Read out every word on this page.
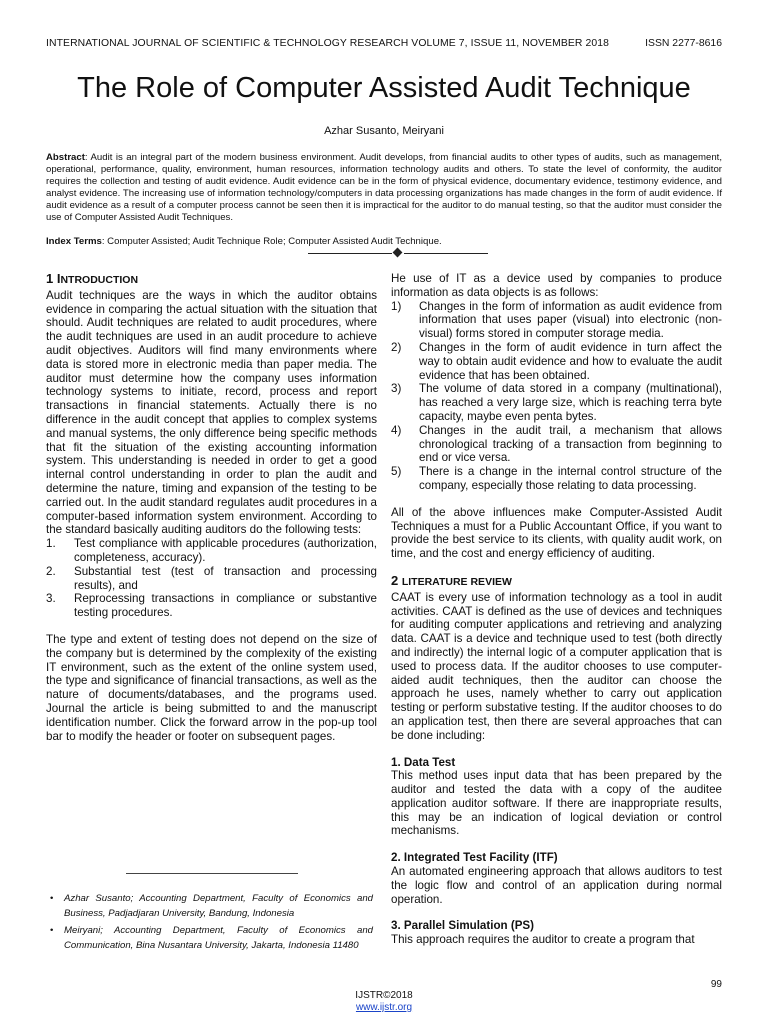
INTERNATIONAL JOURNAL OF SCIENTIFIC & TECHNOLOGY RESEARCH VOLUME 7, ISSUE 11, NOVEMBER 2018	ISSN 2277-8616
The Role of Computer Assisted Audit Technique
Azhar Susanto, Meiryani
Abstract: Audit is an integral part of the modern business environment. Audit develops, from financial audits to other types of audits, such as management, operational, performance, quality, environment, human resources, information technology audits and others. To state the level of conformity, the auditor requires the collection and testing of audit evidence. Audit evidence can be in the form of physical evidence, documentary evidence, testimony evidence, and analyst evidence. The increasing use of information technology/computers in data processing organizations has made changes in the form of audit evidence. If audit evidence as a result of a computer process cannot be seen then it is impractical for the auditor to do manual testing, so that the auditor must consider the use of Computer Assisted Audit Techniques.
Index Terms: Computer Assisted; Audit Technique Role; Computer Assisted Audit Technique.

1 INTRODUCTION

Audit techniques are the ways in which the auditor obtains evidence in comparing the actual situation with the situation that should. Audit techniques are related to audit procedures, where the audit techniques are used in an audit procedure to achieve audit objectives. Auditors will find many environments where data is stored more in electronic media than paper media. The auditor must determine how the company uses information technology systems to initiate, record, process and report transactions in financial statements. Actually there is no difference in the audit concept that applies to complex systems and manual systems, the only difference being specific methods that fit the situation of the existing accounting information system. This understanding is needed in order to get a good internal control understanding in order to plan the audit and determine the nature, timing and expansion of the testing to be carried out. In the audit standard regulates audit procedures in a computer-based information system environment. According to the standard basically auditing auditors do the following tests:

1. Test compliance with applicable procedures (authorization, completeness, accuracy).
2. Substantial test (test of transaction and processing results), and
3. Reprocessing transactions in compliance or substantive testing procedures.

The type and extent of testing does not depend on the size of the company but is determined by the complexity of the existing IT environment, such as the extent of the online system used, the type and significance of financial transactions, as well as the nature of documents/databases, and the programs used. Journal the article is being submitted to and the manuscript identification number. Click the forward arrow in the pop-up tool bar to modify the header or footer on subsequent pages.

• Azhar Susanto; Accounting Department, Faculty of Economics and Business, Padjadjaran University, Bandung, Indonesia
• Meiryani; Accounting Department, Faculty of Economics and Communication, Bina Nusantara University, Jakarta, Indonesia 11480

He use of IT as a device used by companies to produce information as data objects is as follows:

1) Changes in the form of information as audit evidence from information that uses paper (visual) into electronic (non-visual) forms stored in computer storage media.
2) Changes in the form of audit evidence in turn affect the way to obtain audit evidence and how to evaluate the audit evidence that has been obtained.
3) The volume of data stored in a company (multinational), has reached a very large size, which is reaching terra byte capacity, maybe even penta bytes.
4) Changes in the audit trail, a mechanism that allows chronological tracking of a transaction from beginning to end or vice versa.
5) There is a change in the internal control structure of the company, especially those relating to data processing.

All of the above influences make Computer-Assisted Audit Techniques a must for a Public Accountant Office, if you want to provide the best service to its clients, with quality audit work, on time, and the cost and energy efficiency of auditing.

2 LITERATURE REVIEW

CAAT is every use of information technology as a tool in audit activities. CAAT is defined as the use of devices and techniques for auditing computer applications and retrieving and analyzing data. CAAT is a device and technique used to test (both directly and indirectly) the internal logic of a computer application that is used to process data. If the auditor chooses to use computer-aided audit techniques, then the auditor can choose the approach he uses, namely whether to carry out application testing or perform substative testing. If the auditor chooses to do an application test, then there are several approaches that can be done including:

1. Data Test

This method uses input data that has been prepared by the auditor and tested the data with a copy of the auditee application auditor software. If there are inappropriate results, this may be an indication of logical deviation or control mechanisms.

2. Integrated Test Facility (ITF)

An automated engineering approach that allows auditors to test the logic flow and control of an application during normal operation.

3. Parallel Simulation (PS)

This approach requires the auditor to create a program that

99
IJSTR©2018
www.ijstr.org
